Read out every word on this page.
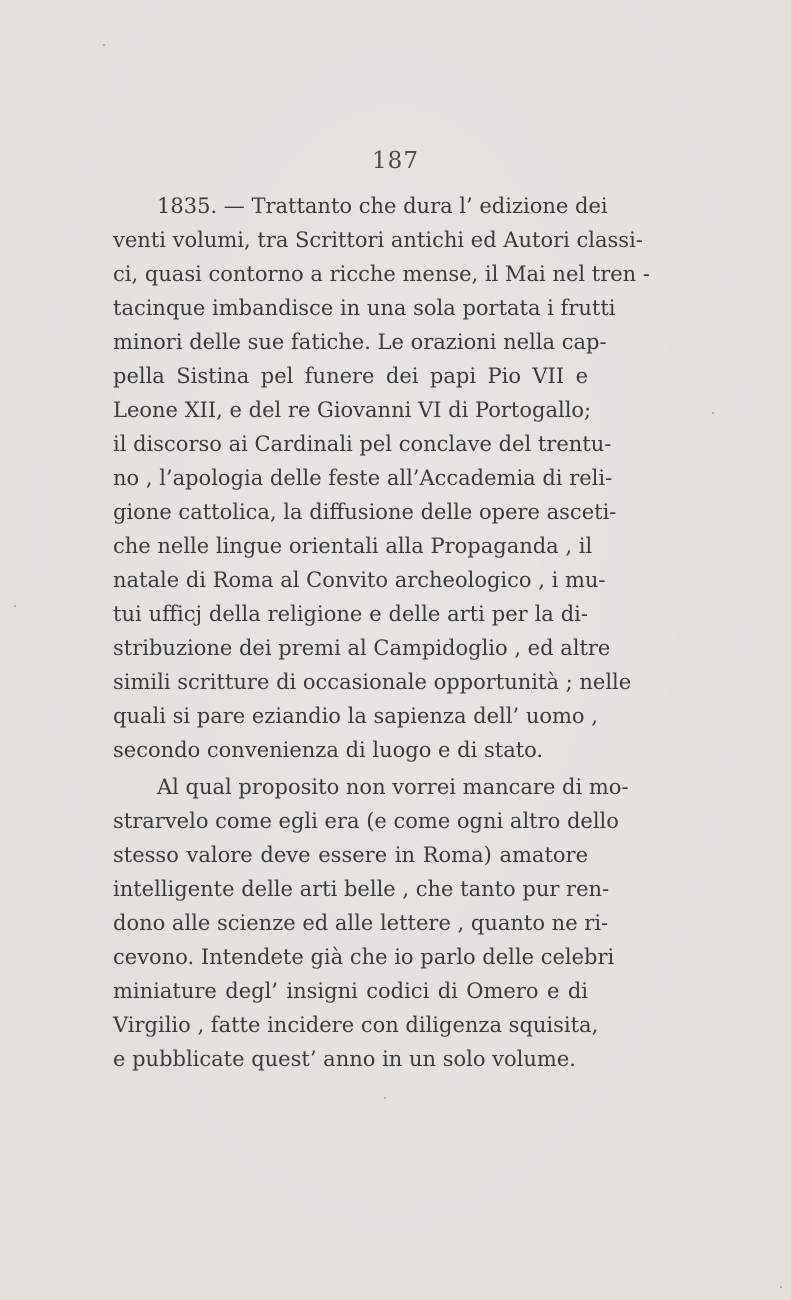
187
1835. — Trattanto che dura l’ edizione dei
venti volumi, tra Scrittori antichi ed Autori classi-
ci, quasi contorno a ricche mense, il Mai nel tren -
tacinque imbandisce in una sola portata i frutti
minori delle sue fatiche. Le orazioni nella cap-
pella Sistina pel funere dei papi Pio VII e
Leone XII, e del re Giovanni VI di Portogallo;
il discorso ai Cardinali pel conclave del trentu-
no , l’apologia delle feste all’Accademia di reli-
gione cattolica, la diffusione delle opere asceti-
che nelle lingue orientali alla Propaganda , il
natale di Roma al Convito archeologico , i mu-
tui ufficj della religione e delle arti per la di-
stribuzione dei premi al Campidoglio , ed altre
simili scritture di occasionale opportunità ; nelle
quali si pare eziandio la sapienza dell’ uomo ,
secondo convenienza di luogo e di stato.
Al qual proposito non vorrei mancare di mo-
strarvelo come egli era (e come ogni altro dello
stesso valore deve essere in Roma) amatore
intelligente delle arti belle , che tanto pur ren-
dono alle scienze ed alle lettere , quanto ne ri-
cevono. Intendete già che io parlo delle celebri
miniature degl’ insigni codici di Omero e di
Virgilio , fatte incidere con diligenza squisita,
e pubblicate quest’ anno in un solo volume.
